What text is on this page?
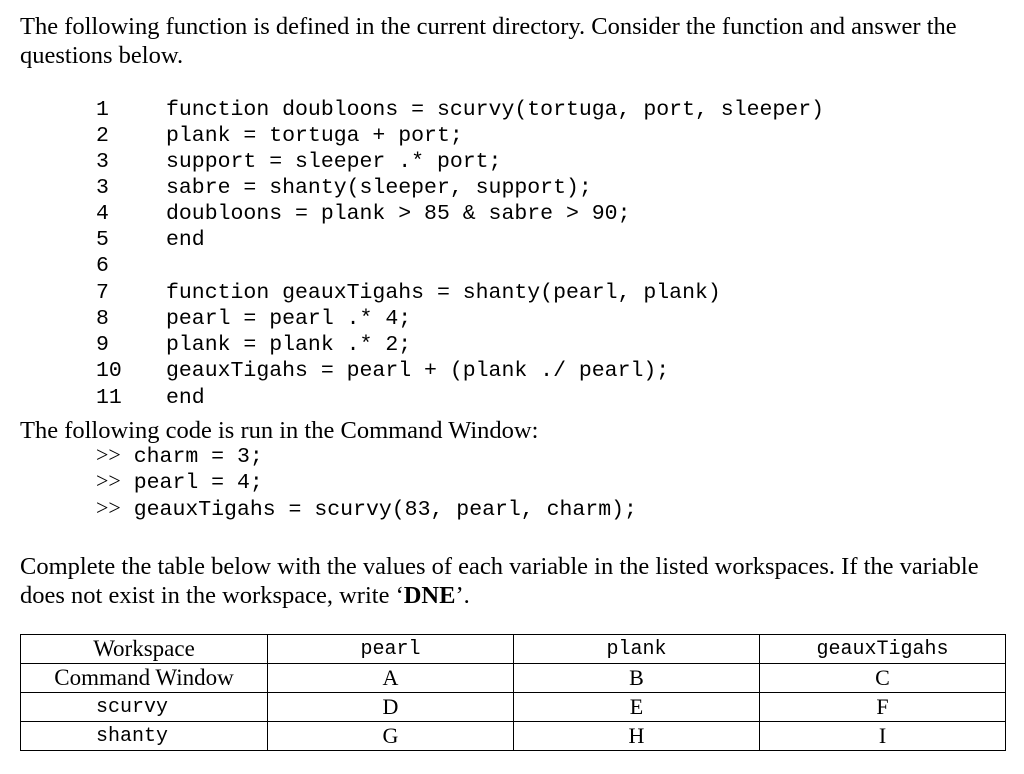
The following function is defined in the current directory. Consider the function and answer the questions below.

1	function doubloons = scurvy(tortuga, port, sleeper)
2	plank = tortuga + port;
3	support = sleeper .* port;
3	sabre = shanty(sleeper, support);
4	doubloons = plank > 85 & sabre > 90;
5	end
6
7	function geauxTigahs = shanty(pearl, plank)
8	pearl = pearl .* 4;
9	plank = plank .* 2;
10 geauxTigahs = pearl + (plank ./ pearl);
11 end
The following code is run in the Command Window:
>> charm = 3;
>> pearl = 4;
>> geauxTigahs = scurvy(83, pearl, charm);

Complete the table below with the values of each variable in the listed workspaces. If the variable does not exist in the workspace, write ‘DNE’.

Workspace	pearl	plank	geauxTigahs
Command Window	A	B	C
scurvy	D	E	F
shanty	G	H	I
